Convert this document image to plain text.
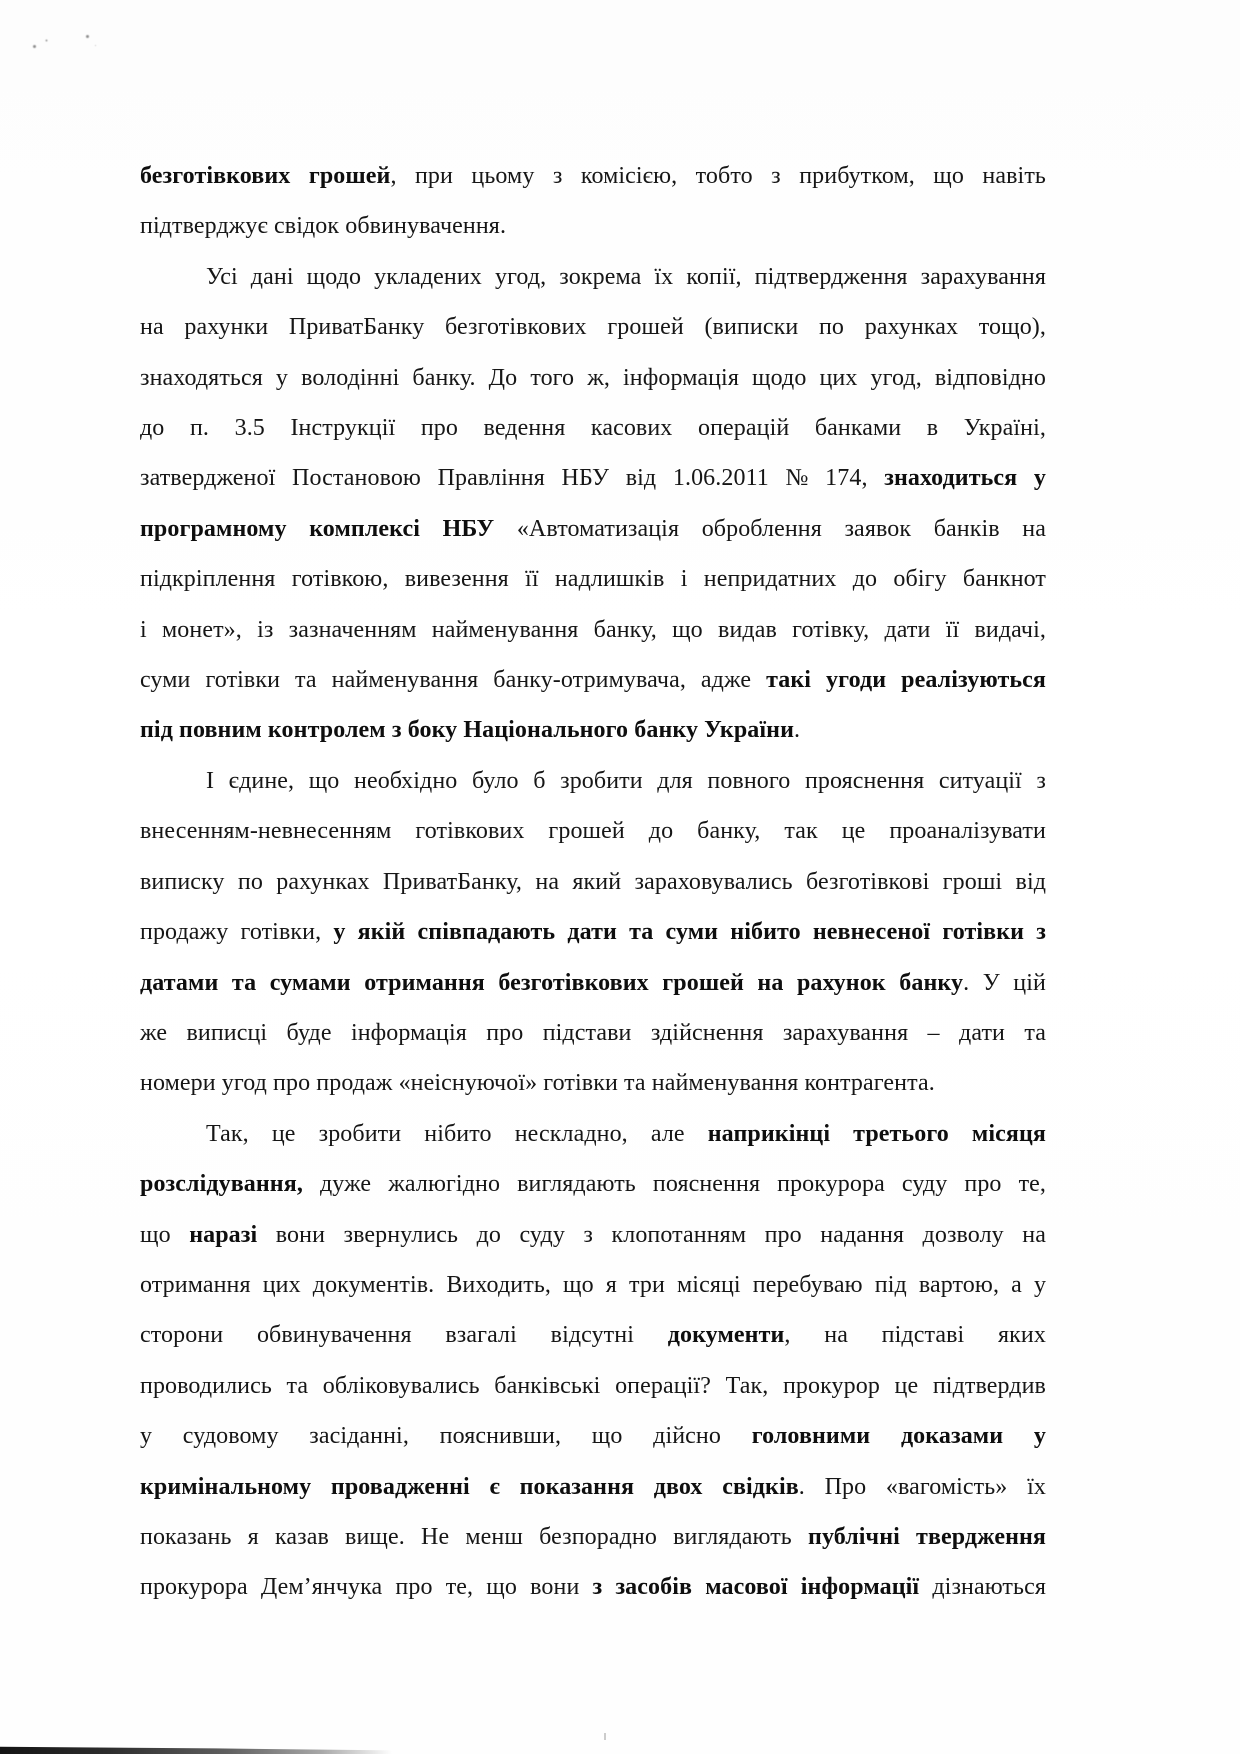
безготівкових грошей, при цьому з комісією, тобто з прибутком, що навіть
підтверджує свідок обвинувачення.
Усі дані щодо укладених угод, зокрема їх копії, підтвердження зарахування
на рахунки ПриватБанку безготівкових грошей (виписки по рахунках тощо),
знаходяться у володінні банку. До того ж, інформація щодо цих угод, відповідно
до п. 3.5 Інструкції про ведення касових операцій банками в Україні,
затвердженої Постановою Правління НБУ від 1.06.2011 № 174, знаходиться у
програмному комплексі НБУ «Автоматизація оброблення заявок банків на
підкріплення готівкою, вивезення її надлишків і непридатних до обігу банкнот
і монет», із зазначенням найменування банку, що видав готівку, дати її видачі,
суми готівки та найменування банку-отримувача, адже такі угоди реалізуються
під повним контролем з боку Національного банку України.
І єдине, що необхідно було б зробити для повного прояснення ситуації з
внесенням-невнесенням готівкових грошей до банку, так це проаналізувати
виписку по рахунках ПриватБанку, на який зараховувались безготівкові гроші від
продажу готівки, у якій співпадають дати та суми нібито невнесеної готівки з
датами та сумами отримання безготівкових грошей на рахунок банку. У цій
же виписці буде інформація про підстави здійснення зарахування – дати та
номери угод про продаж «неіснуючої» готівки та найменування контрагента.
Так, це зробити нібито нескладно, але наприкінці третього місяця
розслідування, дуже жалюгідно виглядають пояснення прокурора суду про те,
що наразі вони звернулись до суду з клопотанням про надання дозволу на
отримання цих документів. Виходить, що я три місяці перебуваю під вартою, а у
сторони обвинувачення взагалі відсутні документи, на підставі яких
проводились та обліковувались банківські операції? Так, прокурор це підтвердив
у судовому засіданні, пояснивши, що дійсно головними доказами у
кримінальному провадженні є показання двох свідків. Про «вагомість» їх
показань я казав вище. Не менш безпорадно виглядають публічні твердження
прокурора Демʼянчука про те, що вони з засобів масової інформації дізнаються
